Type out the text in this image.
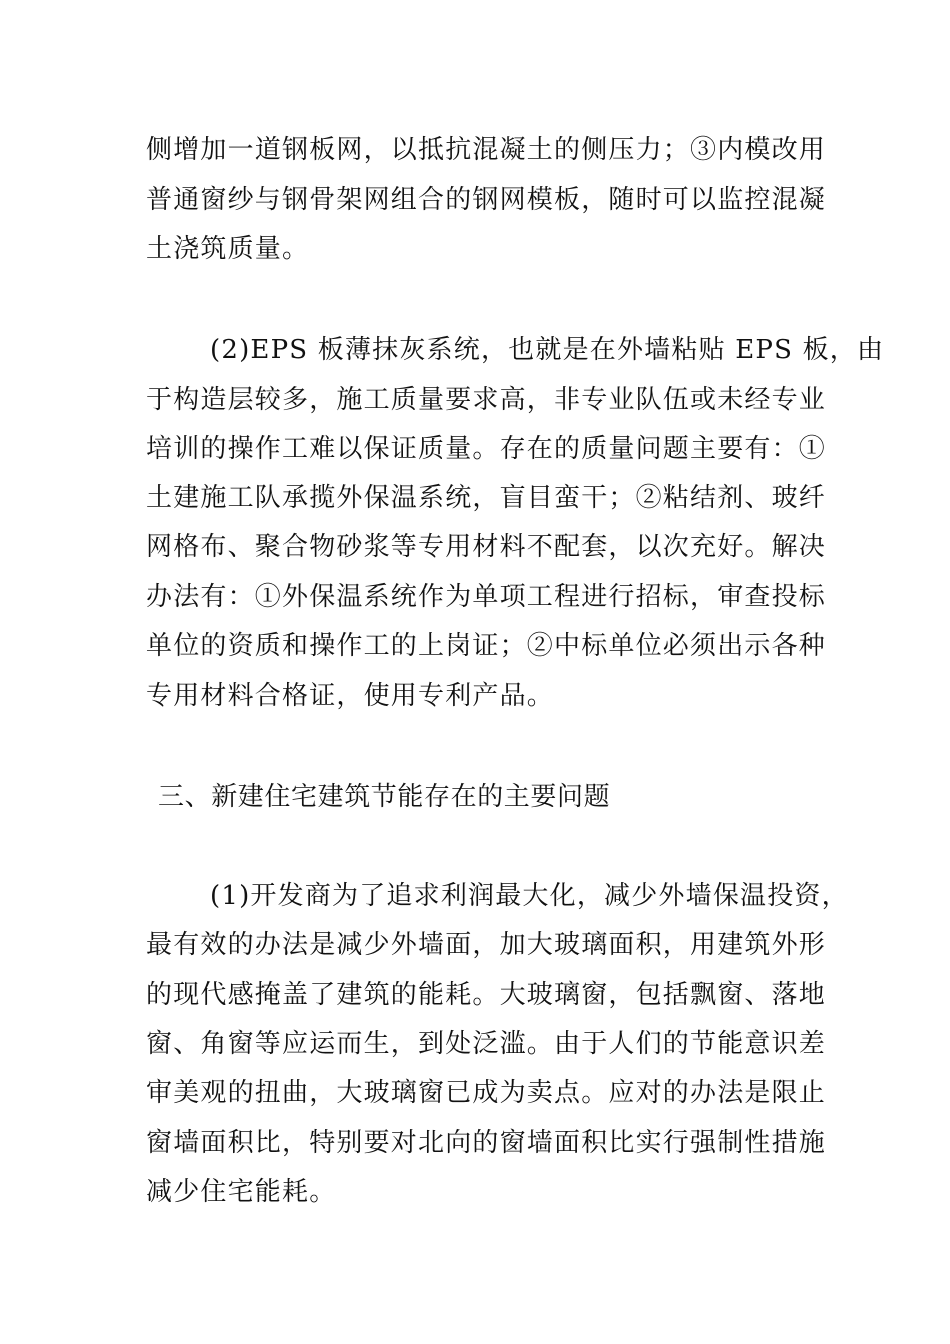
侧增加一道钢板网，以抵抗混凝土的侧压力；③内模改用
普通窗纱与钢骨架网组合的钢网模板，随时可以监控混凝
土浇筑质量。
(2)EPS 板薄抹灰系统，也就是在外墙粘贴 EPS 板，由
于构造层较多，施工质量要求高，非专业队伍或未经专业
培训的操作工难以保证质量。存在的质量问题主要有：①
土建施工队承揽外保温系统，盲目蛮干；②粘结剂、玻纤
网格布、聚合物砂浆等专用材料不配套，以次充好。解决
办法有：①外保温系统作为单项工程进行招标，审查投标
单位的资质和操作工的上岗证；②中标单位必须出示各种
专用材料合格证，使用专利产品。
三、新建住宅建筑节能存在的主要问题
(1)开发商为了追求利润最大化，减少外墙保温投资，
最有效的办法是减少外墙面，加大玻璃面积，用建筑外形
的现代感掩盖了建筑的能耗。大玻璃窗，包括飘窗、落地
窗、角窗等应运而生，到处泛滥。由于人们的节能意识差
审美观的扭曲，大玻璃窗已成为卖点。应对的办法是限止
窗墙面积比，特别要对北向的窗墙面积比实行强制性措施
减少住宅能耗。
